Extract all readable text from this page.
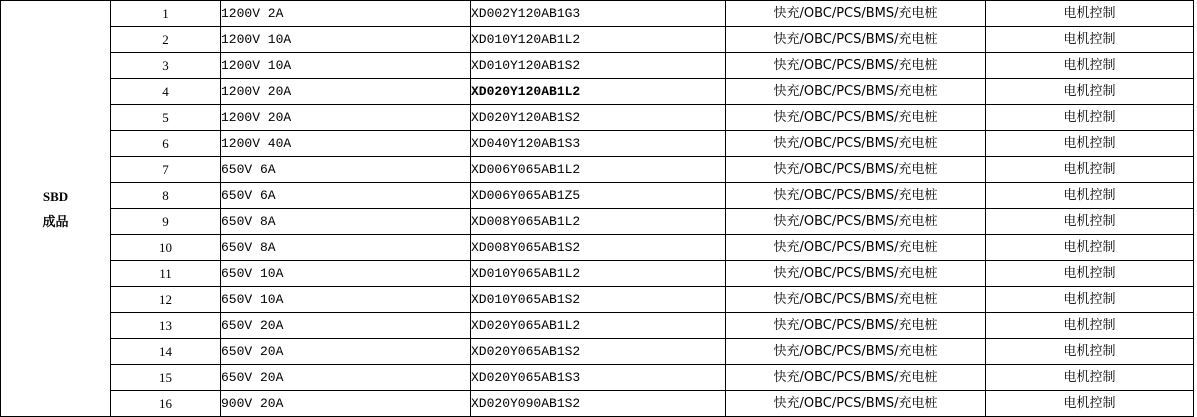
SBD
成品	1	1200V 2A	XD002Y120AB1G3	快充/OBC/PCS/BMS/充电桩	电机控制
	2	1200V 10A	XD010Y120AB1L2	快充/OBC/PCS/BMS/充电桩	电机控制
	3	1200V 10A	XD010Y120AB1S2	快充/OBC/PCS/BMS/充电桩	电机控制
	4	1200V 20A	XD020Y120AB1L2	快充/OBC/PCS/BMS/充电桩	电机控制
	5	1200V 20A	XD020Y120AB1S2	快充/OBC/PCS/BMS/充电桩	电机控制
	6	1200V 40A	XD040Y120AB1S3	快充/OBC/PCS/BMS/充电桩	电机控制
	7	650V 6A	XD006Y065AB1L2	快充/OBC/PCS/BMS/充电桩	电机控制
	8	650V 6A	XD006Y065AB1Z5	快充/OBC/PCS/BMS/充电桩	电机控制
	9	650V 8A	XD008Y065AB1L2	快充/OBC/PCS/BMS/充电桩	电机控制
	10	650V 8A	XD008Y065AB1S2	快充/OBC/PCS/BMS/充电桩	电机控制
	11	650V 10A	XD010Y065AB1L2	快充/OBC/PCS/BMS/充电桩	电机控制
	12	650V 10A	XD010Y065AB1S2	快充/OBC/PCS/BMS/充电桩	电机控制
	13	650V 20A	XD020Y065AB1L2	快充/OBC/PCS/BMS/充电桩	电机控制
	14	650V 20A	XD020Y065AB1S2	快充/OBC/PCS/BMS/充电桩	电机控制
	15	650V 20A	XD020Y065AB1S3	快充/OBC/PCS/BMS/充电桩	电机控制
	16	900V 20A	XD020Y090AB1S2	快充/OBC/PCS/BMS/充电桩	电机控制
